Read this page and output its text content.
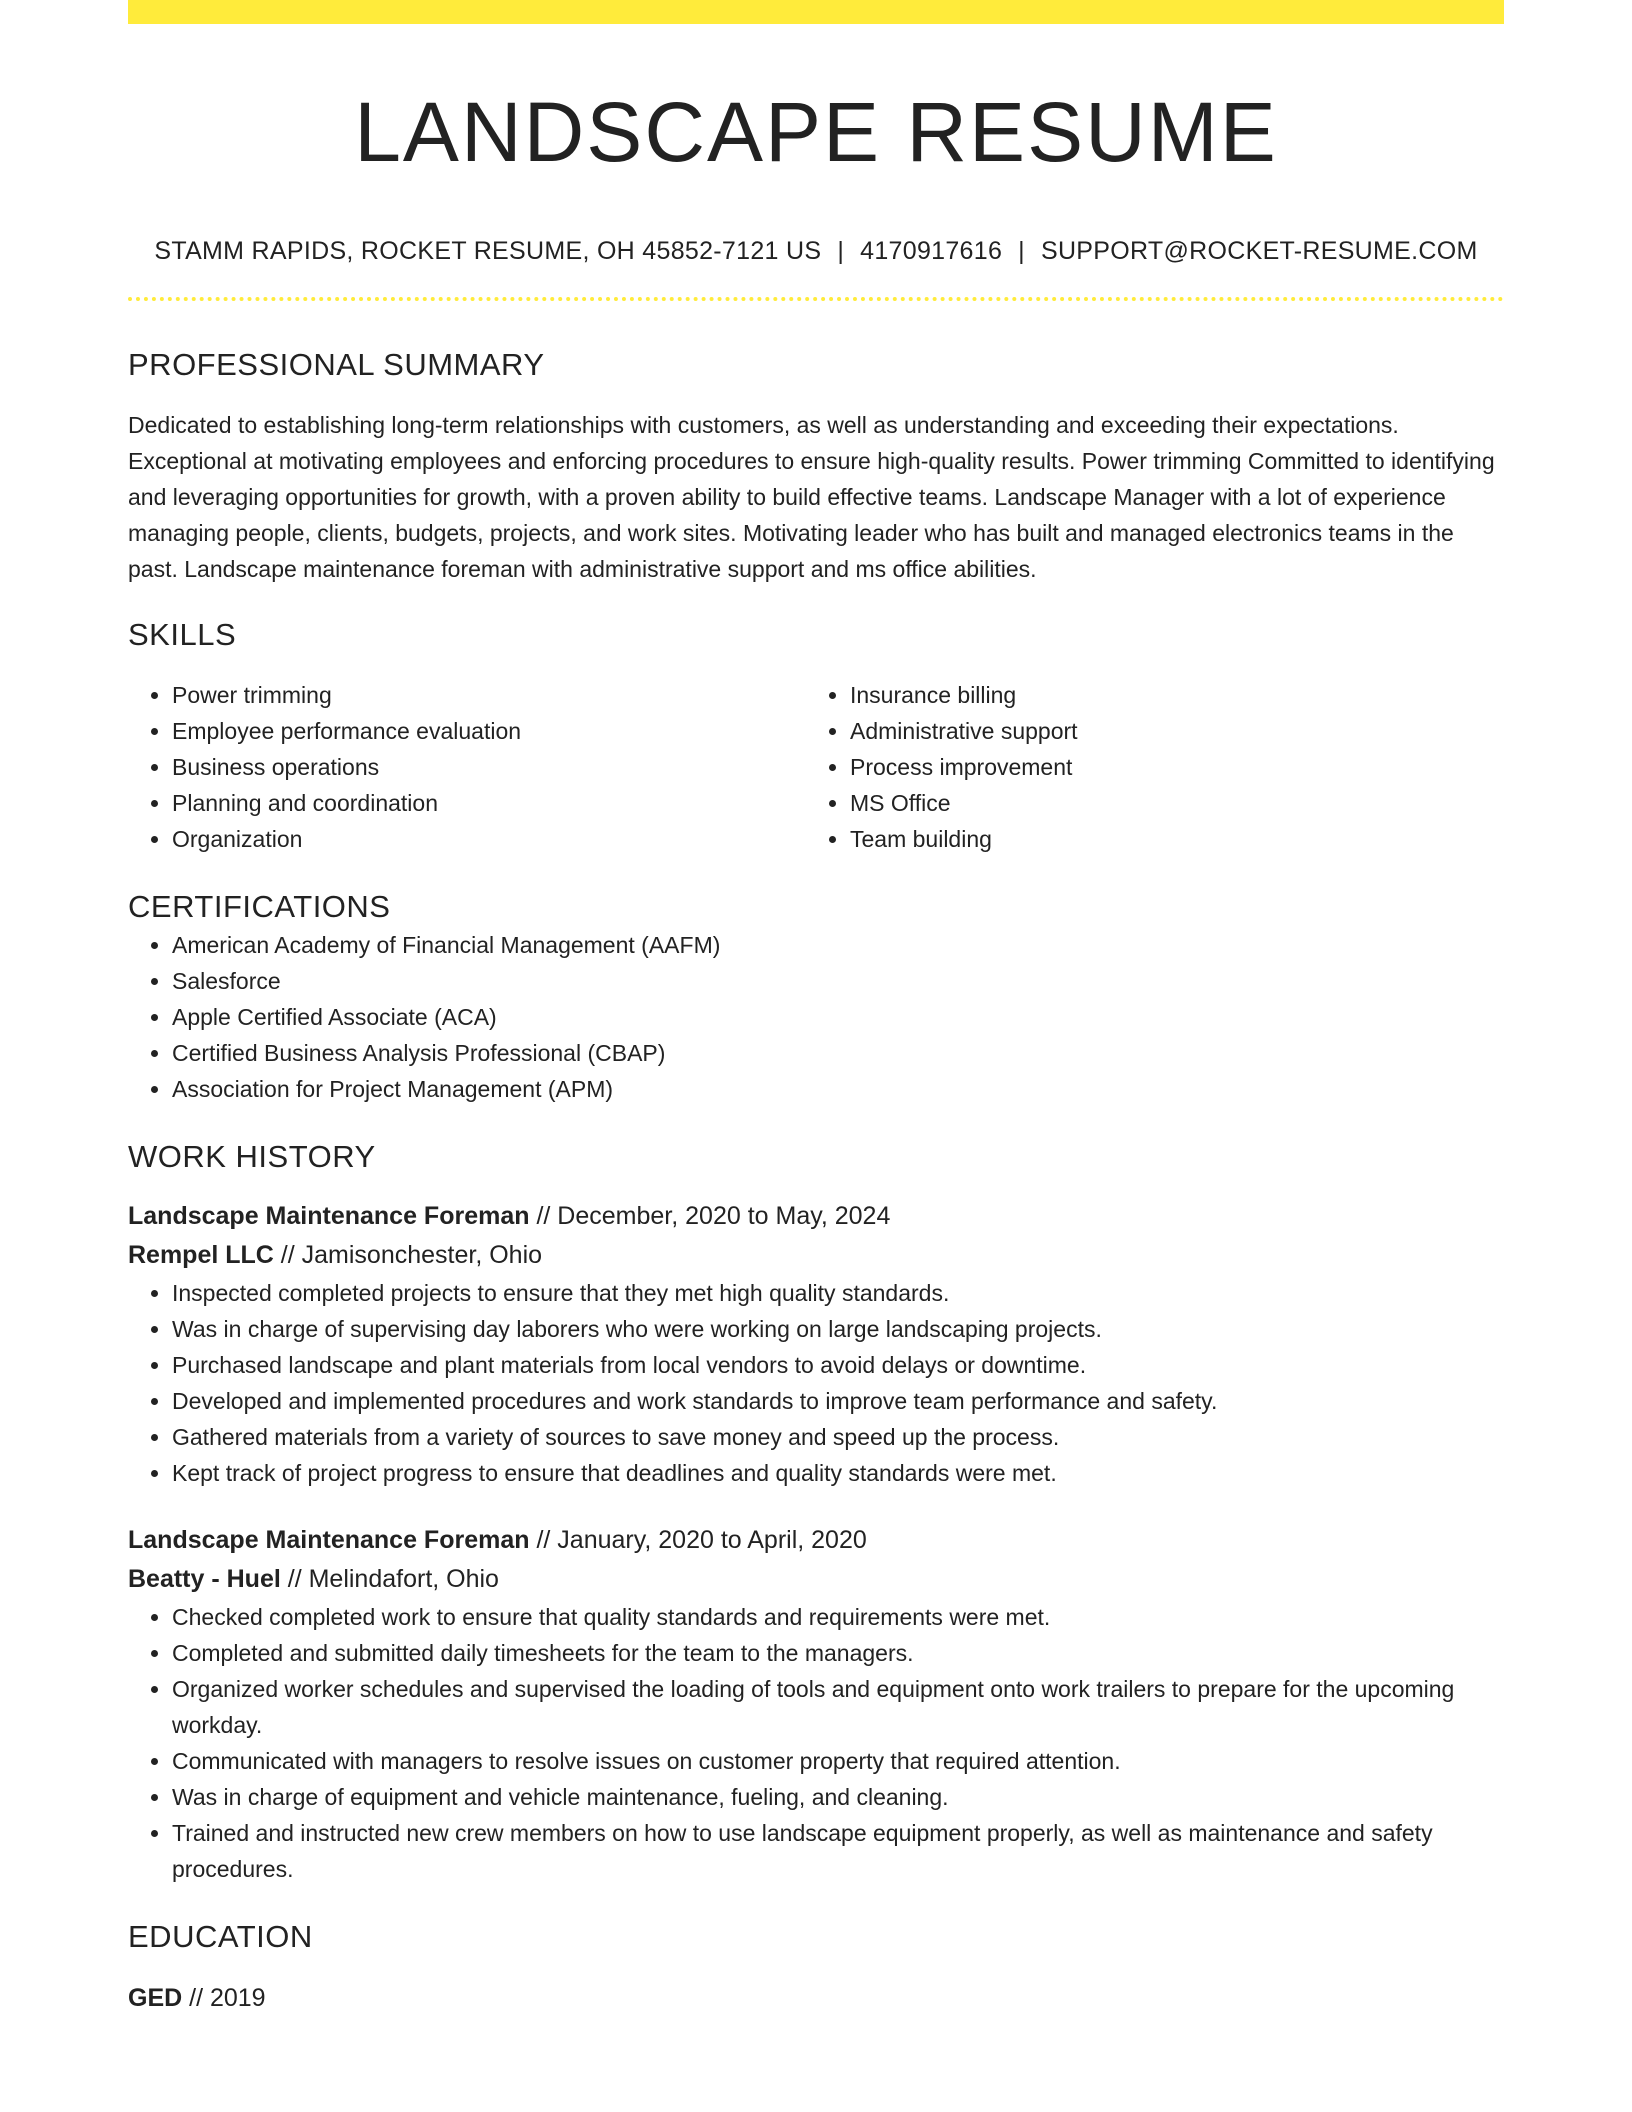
LANDSCAPE RESUME
STAMM RAPIDS, ROCKET RESUME, OH 45852-7121 US | 4170917616 | SUPPORT@ROCKET-RESUME.COM
PROFESSIONAL SUMMARY
Dedicated to establishing long-term relationships with customers, as well as understanding and exceeding their expectations. Exceptional at motivating employees and enforcing procedures to ensure high-quality results. Power trimming Committed to identifying and leveraging opportunities for growth, with a proven ability to build effective teams. Landscape Manager with a lot of experience managing people, clients, budgets, projects, and work sites. Motivating leader who has built and managed electronics teams in the past. Landscape maintenance foreman with administrative support and ms office abilities.
SKILLS
• Power trimming
• Employee performance evaluation
• Business operations
• Planning and coordination
• Organization
• Insurance billing
• Administrative support
• Process improvement
• MS Office
• Team building
CERTIFICATIONS
• American Academy of Financial Management (AAFM)
• Salesforce
• Apple Certified Associate (ACA)
• Certified Business Analysis Professional (CBAP)
• Association for Project Management (APM)
WORK HISTORY
Landscape Maintenance Foreman // December, 2020 to May, 2024
Rempel LLC // Jamisonchester, Ohio
• Inspected completed projects to ensure that they met high quality standards.
• Was in charge of supervising day laborers who were working on large landscaping projects.
• Purchased landscape and plant materials from local vendors to avoid delays or downtime.
• Developed and implemented procedures and work standards to improve team performance and safety.
• Gathered materials from a variety of sources to save money and speed up the process.
• Kept track of project progress to ensure that deadlines and quality standards were met.
Landscape Maintenance Foreman // January, 2020 to April, 2020
Beatty - Huel // Melindafort, Ohio
• Checked completed work to ensure that quality standards and requirements were met.
• Completed and submitted daily timesheets for the team to the managers.
• Organized worker schedules and supervised the loading of tools and equipment onto work trailers to prepare for the upcoming workday.
• Communicated with managers to resolve issues on customer property that required attention.
• Was in charge of equipment and vehicle maintenance, fueling, and cleaning.
• Trained and instructed new crew members on how to use landscape equipment properly, as well as maintenance and safety procedures.
EDUCATION
GED // 2019
